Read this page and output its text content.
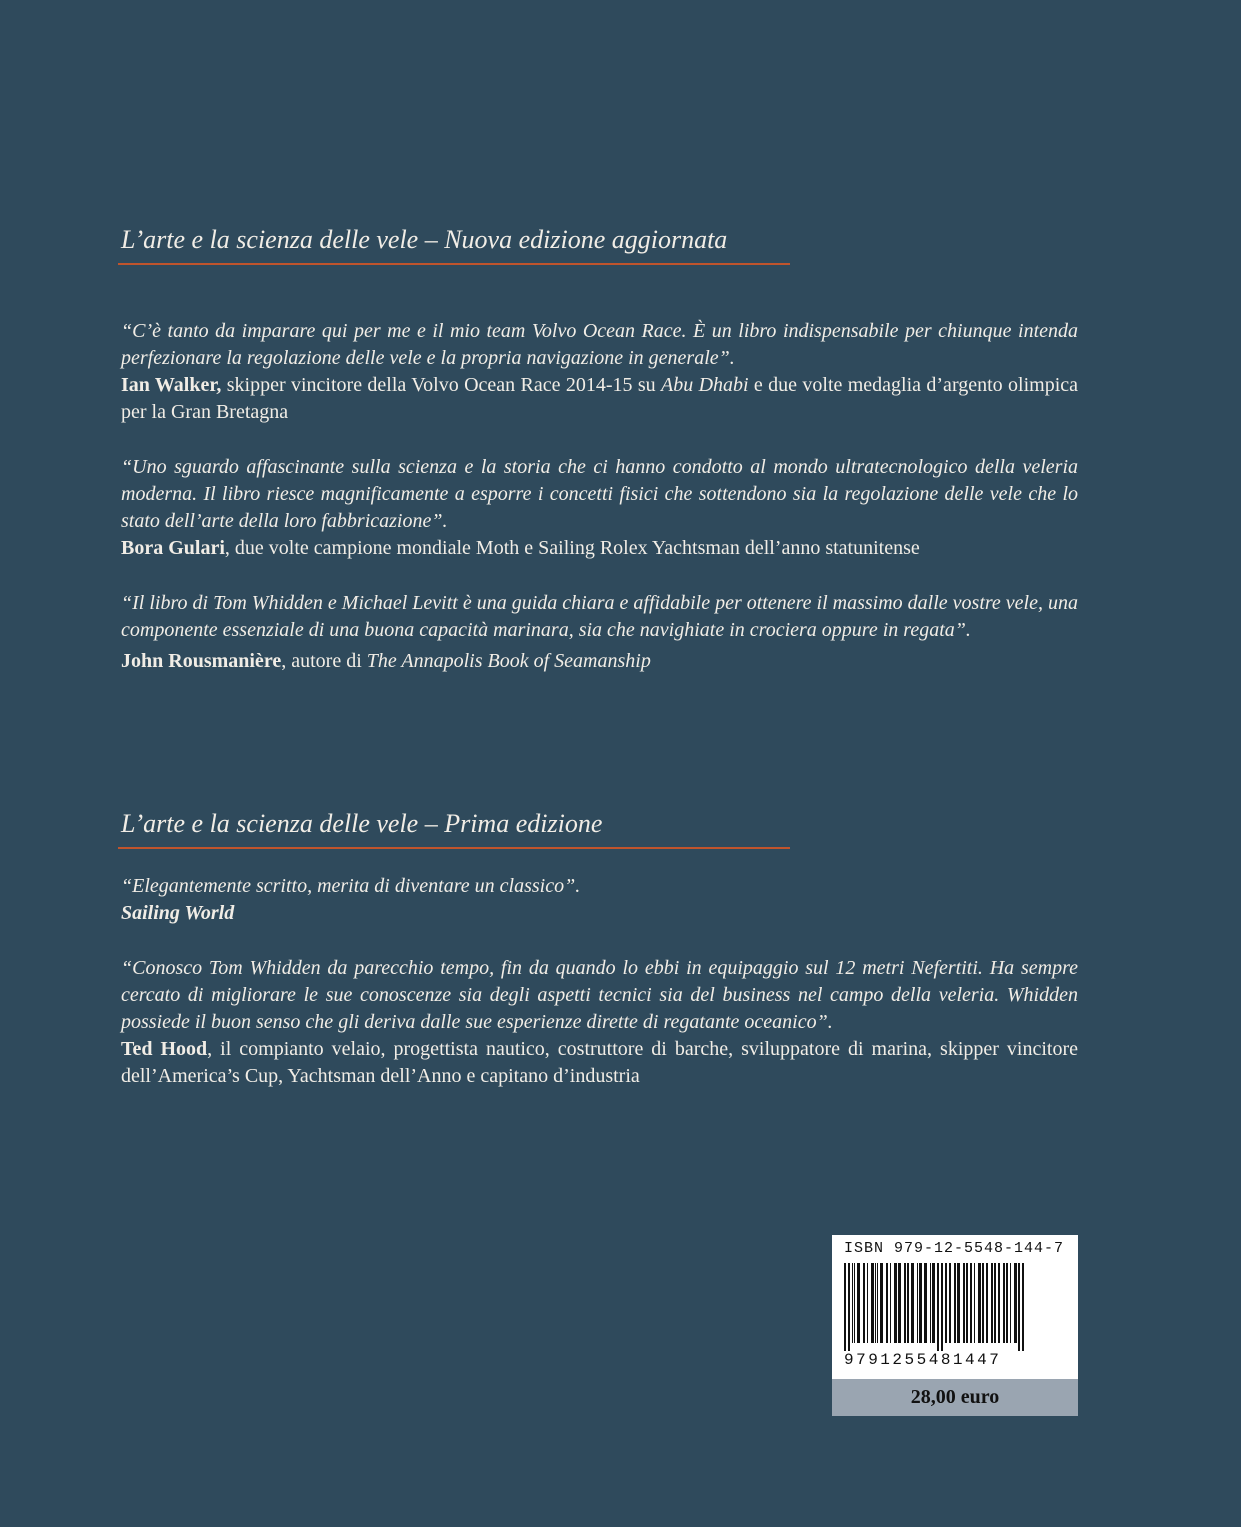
L’arte e la scienza delle vele – Nuova edizione aggiornata

“C’è tanto da imparare qui per me e il mio team Volvo Ocean Race. È un libro indispensabile per chiunque intenda perfezionare la regolazione delle vele e la propria navigazione in generale”.
Ian Walker, skipper vincitore della Volvo Ocean Race 2014-15 su Abu Dhabi e due volte medaglia d’argento olimpica per la Gran Bretagna

“Uno sguardo affascinante sulla scienza e la storia che ci hanno condotto al mondo ultratecnologico della veleria moderna. Il libro riesce magnificamente a esporre i concetti fisici che sottendono sia la regolazione delle vele che lo stato dell’arte della loro fabbricazione”.
Bora Gulari, due volte campione mondiale Moth e Sailing Rolex Yachtsman dell’anno statunitense

“Il libro di Tom Whidden e Michael Levitt è una guida chiara e affidabile per ottenere il massimo dalle vostre vele, una componente essenziale di una buona capacità marinara, sia che navighiate in crociera oppure in regata”.
John Rousmanière, autore di The Annapolis Book of Seamanship

L’arte e la scienza delle vele – Prima edizione

“Elegantemente scritto, merita di diventare un classico”.
Sailing World

“Conosco Tom Whidden da parecchio tempo, fin da quando lo ebbi in equipaggio sul 12 metri Nefertiti. Ha sempre cercato di migliorare le sue conoscenze sia degli aspetti tecnici sia del business nel campo della veleria. Whidden possiede il buon senso che gli deriva dalle sue esperienze dirette di regatante oceanico”.
Ted Hood, il compianto velaio, progettista nautico, costruttore di barche, sviluppatore di marina, skipper vincitore dell’America’s Cup, Yachtsman dell’Anno e capitano d’industria

ISBN 979-12-5548-144-7
9791255481447
28,00 euro
